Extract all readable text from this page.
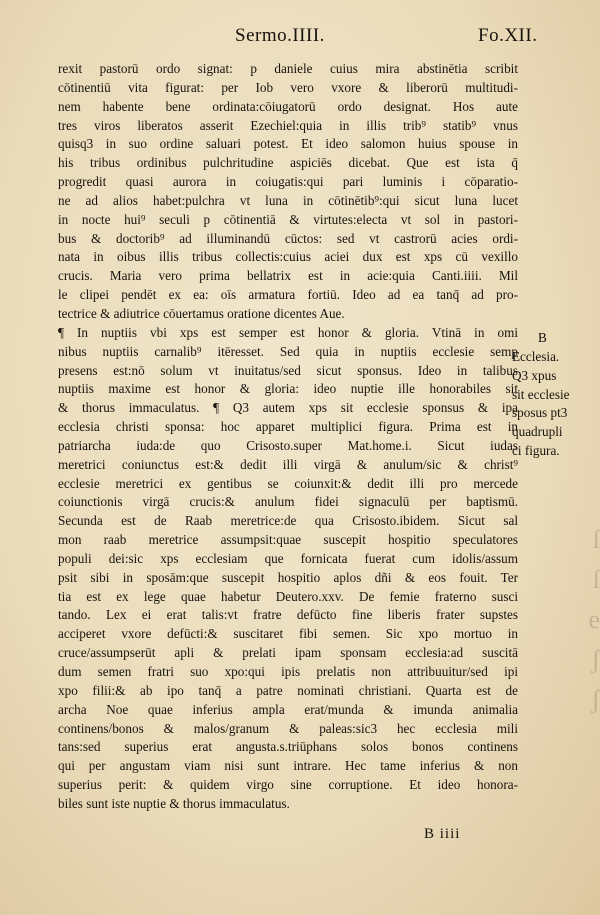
ſ
ſ
e
ʃ
ʃ
Sermo.IIII.	Fo.XII.
rexit pastorū ordo signat: p daniele cuius mira abstinētia scribit
cōtinentiū vita figurat: per Iob vero vxore & liberorū multitudi-
nem habente bene ordinata:cōiugatorū ordo designat. Hos aute
tres viros liberatos asserit Ezechiel:quia in illis trib⁹ statib⁹ vnus
quisq3 in suo ordine saluari potest. Et ideo salomon huius spouse in
his tribus ordinibus pulchritudine aspiciēs dicebat. Que est ista q̄
progredit quasi aurora in coiugatis:qui pari luminis i cōparatio-
ne ad alios habet:pulchra vt luna in cōtinētib⁹:qui sicut luna lucet
in nocte hui⁹ seculi p cōtinentiā & virtutes:electa vt sol in pastori-
bus & doctorib⁹ ad illuminandū cūctos: sed vt castrorū acies ordi-
nata in oibus illis tribus collectis:cuius aciei dux est xps cū vexillo
crucis. Maria vero prima bellatrix est in acie:quia Canti.iiii. Mil
le clipei pendēt ex ea: oīs armatura fortiū. Ideo ad ea tanq̄ ad pro-
tectrice & adiutrice cōuertamus oratione dicentes Aue.
¶ In nuptiis vbi xps est semper est honor & gloria. Vtinā in omi
nibus nuptiis carnalib⁹ itēresset. Sed quia in nuptiis ecclesie semp
presens est:nō solum vt inuitatus/sed sicut sponsus. Ideo in talibus
nuptiis maxime est honor & gloria: ideo nuptie ille honorabiles sit
& thorus immaculatus. ¶ Q3 autem xps sit ecclesie sponsus & ipa
ecclesia christi sponsa: hoc apparet multiplici figura. Prima est in
patriarcha iuda:de quo Crisosto.super Mat.home.i. Sicut iudas
meretrici coniunctus est:& dedit illi virgā & anulum/sic & christ⁹
ecclesie meretrici ex gentibus se coiunxit:& dedit illi pro mercede
coiunctionis virgā crucis:& anulum fidei signaculū per baptismū.
Secunda est de Raab meretrice:de qua Crisosto.ibidem. Sicut sal
mon raab meretrice assumpsit:quae suscepit hospitio speculatores
populi dei:sic xps ecclesiam que fornicata fuerat cum idolis/assum
psit sibi in sposām:que suscepit hospitio aplos dñi & eos fouit. Ter
tia est ex lege quae habetur Deutero.xxv. De femie fraterno susci
tando. Lex ei erat talis:vt fratre defūcto fine liberis frater supstes
acciperet vxore defūcti:& suscitaret fibi semen. Sic xpo mortuo in
cruce/assumpserūt apli & prelati ipam sponsam ecclesia:ad suscitā
dum semen fratri suo xpo:qui ipis prelatis non attribuuitur/sed ipi
xpo filii:& ab ipo tanq̄ a patre nominati christiani. Quarta est de
archa Noe quae inferius ampla erat/munda & imunda animalia
continens/bonos & malos/granum & paleas:sic3 hec ecclesia mili
tans:sed superius erat angusta.s.triūphans solos bonos continens
qui per angustam viam nisi sunt intrare. Hec tame inferius & non
superius perit: & quidem virgo sine corruptione. Et ideo honora-
biles sunt iste nuptie & thorus immaculatus.
B
Ecclesia.
Q3 xpus
sit ecclesie
sposus pt3
quadrupli
ci figura.
B iiii
